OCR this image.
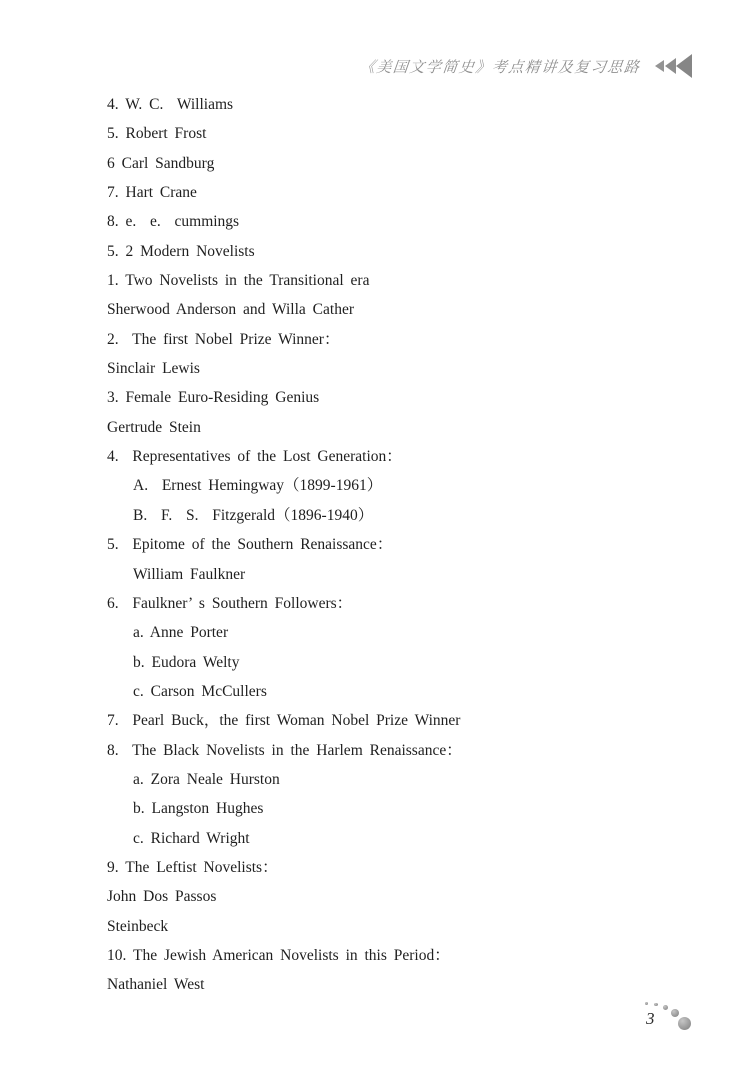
《美国文学简史》考点精讲及复习思路
4. W. C.  Williams
5. Robert Frost
6 Carl Sandburg
7. Hart Crane
8. e.  e.  cummings
5. 2 Modern Novelists
1. Two Novelists in the Transitional era
Sherwood Anderson and Willa Cather
2.  The first Nobel Prize Winner：
Sinclair Lewis
3. Female Euro-Residing Genius
Gertrude Stein
4.  Representatives of the Lost Generation：
A.  Ernest Hemingway（1899-1961）
B.  F.  S.  Fitzgerald（1896-1940）
5.  Epitome of the Southern Renaissance：
William Faulkner
6.  Faulkner’ s Southern Followers：
a. Anne Porter
b. Eudora Welty
c. Carson McCullers
7.  Pearl Buck，the first Woman Nobel Prize Winner
8.  The Black Novelists in the Harlem Renaissance：
a. Zora Neale Hurston
b. Langston Hughes
c. Richard Wright
9. The Leftist Novelists：
John Dos Passos
Steinbeck
10. The Jewish American Novelists in this Period：
Nathaniel West
3
